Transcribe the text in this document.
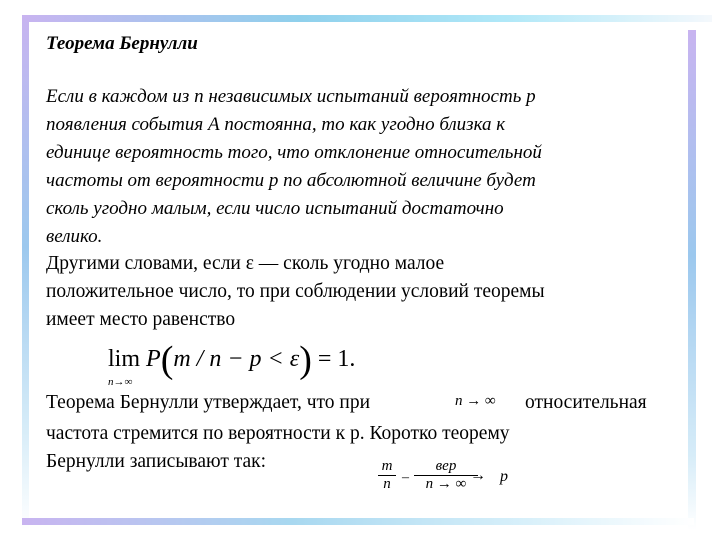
Теорема Бернулли
Если в каждом из n независимых испытаний вероятность р
появления события А постоянна, то как угодно близка к
единице вероятность того, что отклонение относительной
частоты от вероятности р по абсолютной величине будет
сколь угодно малым, если число испытаний достаточно
велико.
Другими словами, если ε — сколь угодно малое
положительное число, то при соблюдении условий теоремы
имеет место равенство
lim
n→∞
P(m / n − p < ε) = 1.
Теорема Бернулли утверждает, что при	n → ∞ относительная
частота стремится по вероятности к р. Коротко теорему
Бернулли записывают так:	m
n –
вер
n → ∞ → p
